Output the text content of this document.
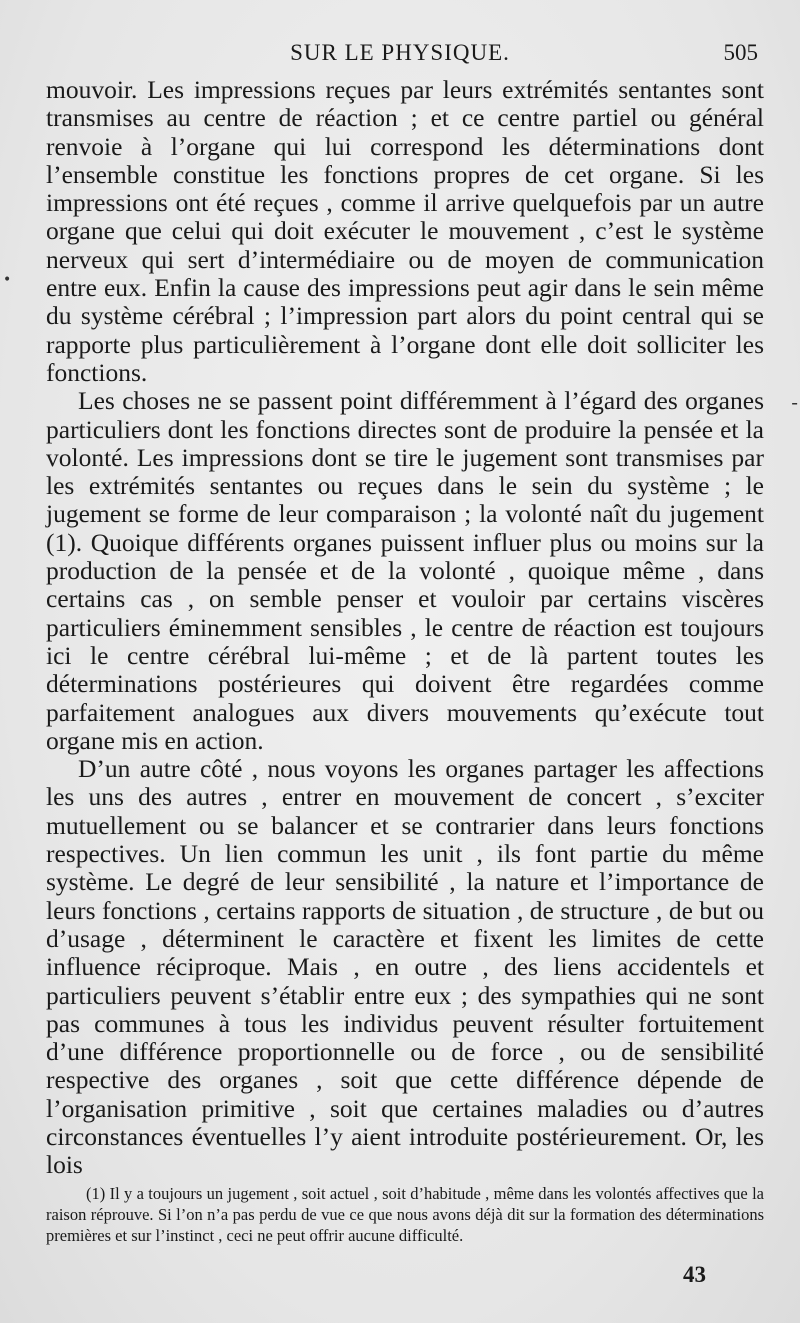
SUR LE PHYSIQUE.	505
•
-

mouvoir. Les impressions reçues par leurs extrémités sentantes sont transmises au centre de réaction ; et ce centre partiel ou général renvoie à l’organe qui lui correspond les déterminations dont l’ensemble constitue les fonctions propres de cet organe. Si les impressions ont été reçues , comme il arrive quelquefois par un autre organe que celui qui doit exécuter le mouvement , c’est le système nerveux qui sert d’intermédiaire ou de moyen de communication entre eux. Enfin la cause des impressions peut agir dans le sein même du système cérébral ; l’impression part alors du point central qui se rapporte plus particulièrement à l’organe dont elle doit solliciter les fonctions.

Les choses ne se passent point différemment à l’égard des organes particuliers dont les fonctions directes sont de produire la pensée et la volonté. Les impressions dont se tire le jugement sont transmises par les extrémités sentantes ou reçues dans le sein du système ; le jugement se forme de leur comparaison ; la volonté naît du jugement (1). Quoique différents organes puissent influer plus ou moins sur la production de la pensée et de la volonté , quoique même , dans certains cas , on semble penser et vouloir par certains viscères particuliers éminemment sensibles , le centre de réaction est toujours ici le centre cérébral lui-même ; et de là partent toutes les déterminations postérieures qui doivent être regardées comme parfaitement analogues aux divers mouvements qu’exécute tout organe mis en action.

D’un autre côté , nous voyons les organes partager les affections les uns des autres , entrer en mouvement de concert , s’exciter mutuellement ou se balancer et se contrarier dans leurs fonctions respectives. Un lien commun les unit , ils font partie du même système. Le degré de leur sensibilité , la nature et l’importance de leurs fonctions , certains rapports de situation , de structure , de but ou d’usage , déterminent le caractère et fixent les limites de cette influence réciproque. Mais , en outre , des liens accidentels et particuliers peuvent s’établir entre eux ; des sympathies qui ne sont pas communes à tous les individus peuvent résulter fortuitement d’une différence proportionnelle ou de force , ou de sensibilité respective des organes , soit que cette différence dépende de l’organisation primitive , soit que certaines maladies ou d’autres circonstances éventuelles l’y aient introduite postérieurement. Or, les lois

(1) Il y a toujours un jugement , soit actuel , soit d’habitude , même dans les volontés affectives que la raison réprouve. Si l’on n’a pas perdu de vue ce que nous avons déjà dit sur la formation des déterminations premières et sur l’instinct , ceci ne peut offrir aucune difficulté.
43
